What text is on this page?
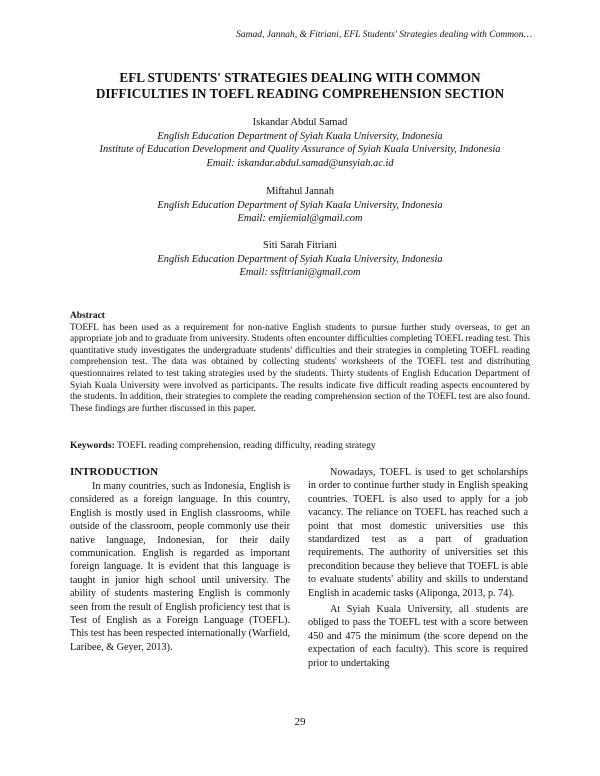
Samad, Jannah, & Fitriani, EFL Students' Strategies dealing with Common…
EFL STUDENTS' STRATEGIES DEALING WITH COMMON
DIFFICULTIES IN TOEFL READING COMPREHENSION SECTION
Iskandar Abdul Samad
English Education Department of Syiah Kuala University, Indonesia
Institute of Education Development and Quality Assurance of Syiah Kuala University, Indonesia
Email: iskandar.abdul.samad@unsyiah.ac.id
Miftahul Jannah
English Education Department of Syiah Kuala University, Indonesia
Email: emjiemial@gmail.com
Siti Sarah Fitriani
English Education Department of Syiah Kuala University, Indonesia
Email: ssfitriani@gmail.com
Abstract
TOEFL has been used as a requirement for non-native English students to pursue further study overseas, to get an appropriate job and to graduate from university. Students often encounter difficulties completing TOEFL reading test. This quantitative study investigates the undergraduate students' difficulties and their strategies in completing TOEFL reading comprehension test. The data was obtained by collecting students' worksheets of the TOEFL test and distributing questionnaires related to test taking strategies used by the students. Thirty students of English Education Department of Syiah Kuala University were involved as participants. The results indicate five difficult reading aspects encountered by the students. In addition, their strategies to complete the reading comprehension section of the TOEFL test are also found. These findings are further discussed in this paper.
Keywords: TOEFL reading comprehension, reading difficulty, reading strategy
INTRODUCTION

In many countries, such as Indonesia, English is considered as a foreign language. In this country, English is mostly used in English classrooms, while outside of the classroom, people commonly use their native language, Indonesian, for their daily communication. English is regarded as important foreign language. It is evident that this language is taught in junior high school until university. The ability of students mastering English is commonly seen from the result of English proficiency test that is Test of English as a Foreign Language (TOEFL). This test has been respected internationally (Warfield, Laribee, & Geyer, 2013).

Nowadays, TOEFL is used to get scholarships in order to continue further study in English speaking countries. TOEFL is also used to apply for a job vacancy. The reliance on TOEFL has reached such a point that most domestic universities use this standardized test as a part of graduation requirements. The authority of universities set this precondition because they believe that TOEFL is able to evaluate students' ability and skills to understand English in academic tasks (Aliponga, 2013, p. 74).

At Syiah Kuala University, all students are obliged to pass the TOEFL test with a score between 450 and 475 the minimum (the score depend on the expectation of each faculty). This score is required prior to undertaking

29
